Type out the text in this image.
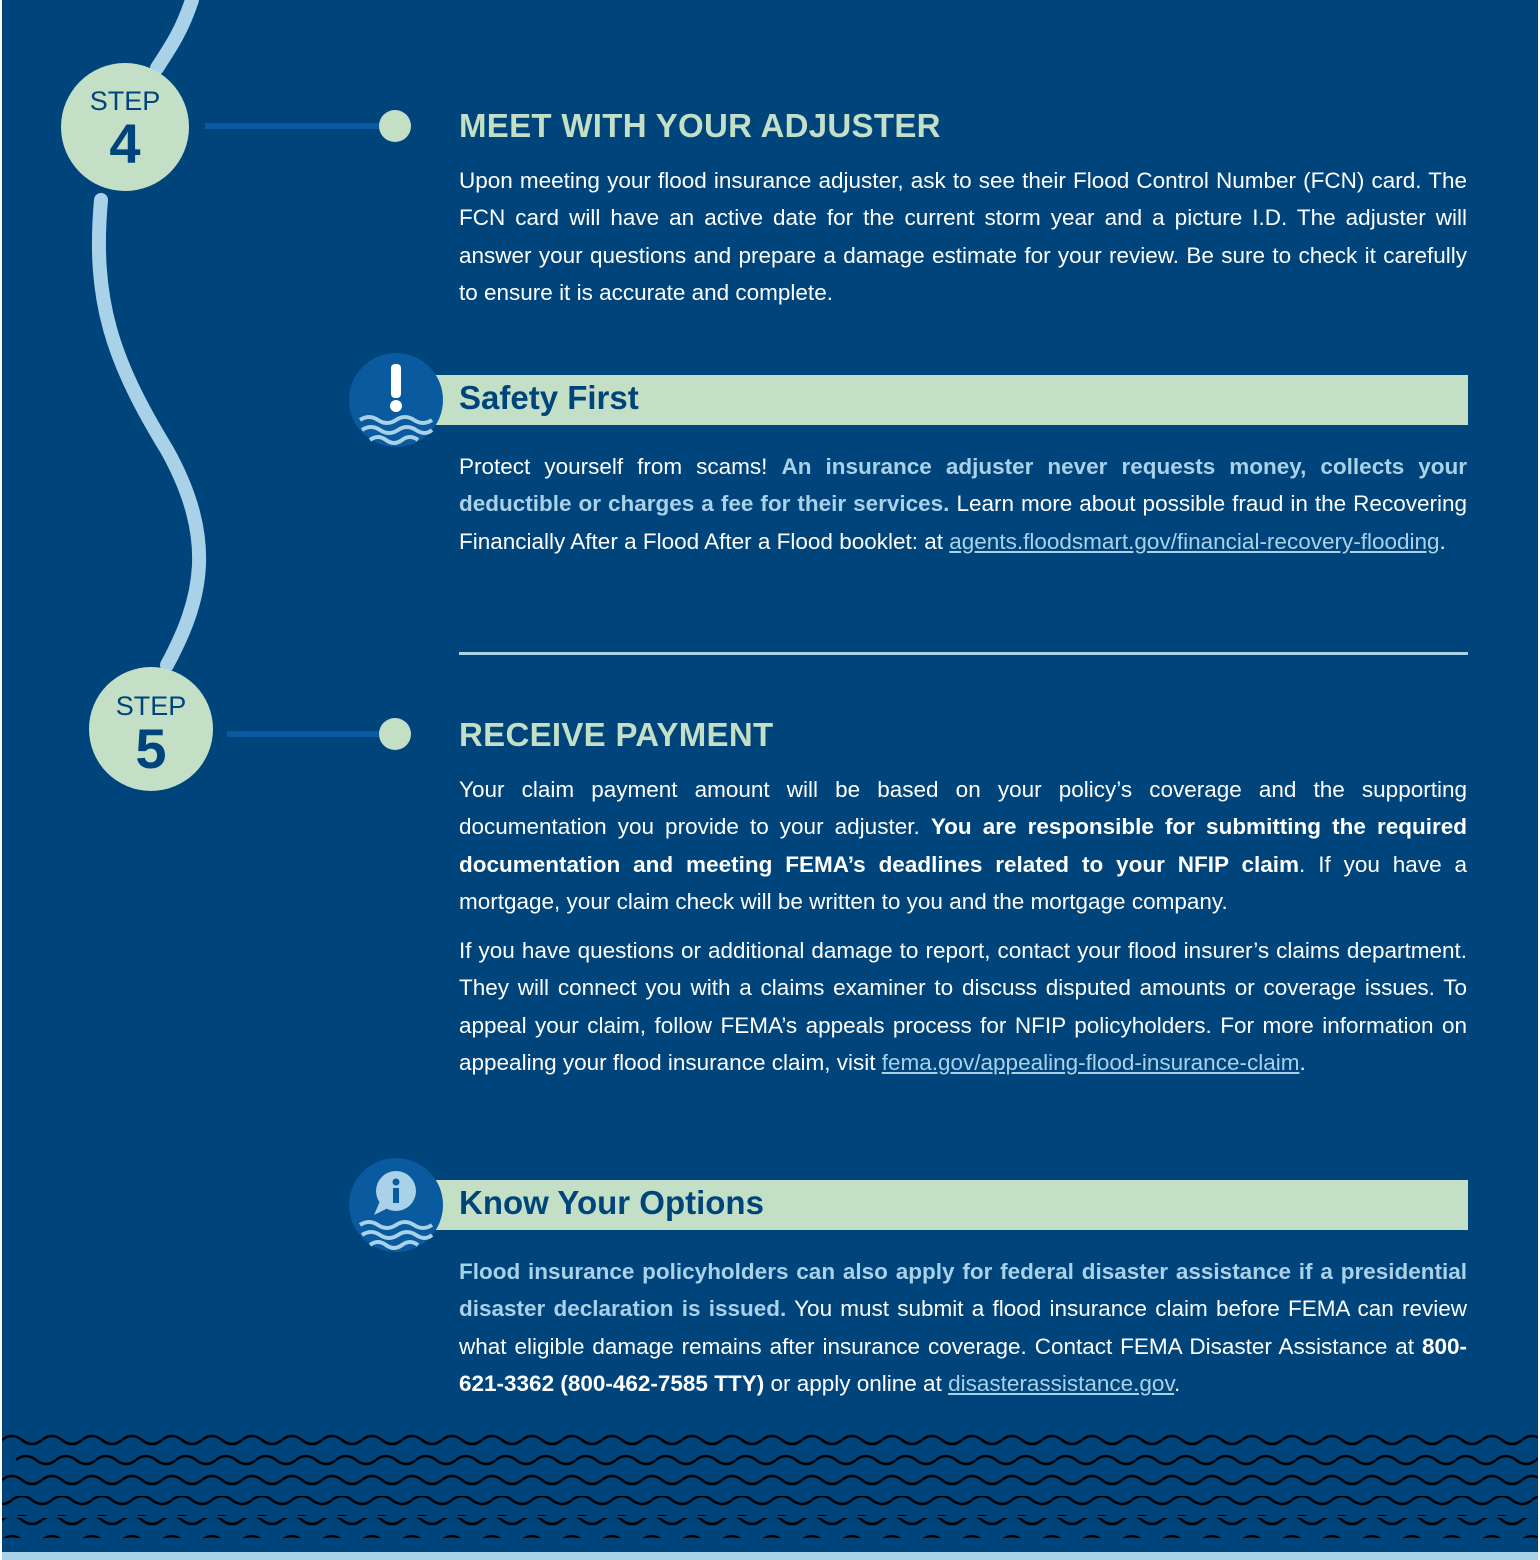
STEP
4	MEET WITH YOUR ADJUSTER

Upon meeting your flood insurance adjuster, ask to see their Flood Control Number (FCN) card. The FCN card will have an active date for the current storm year and a picture I.D. The adjuster will answer your questions and prepare a damage estimate for your review. Be sure to check it carefully to ensure it is accurate and complete.

Safety First

Protect yourself from scams! An insurance adjuster never requests money, collects your deductible or charges a fee for their services. Learn more about possible fraud in the Recovering Financially After a Flood After a Flood booklet: at agents.floodsmart.gov/financial-recovery-flooding.

STEP
5	RECEIVE PAYMENT

Your claim payment amount will be based on your policy’s coverage and the supporting documentation you provide to your adjuster. You are responsible for submitting the required documentation and meeting FEMA’s deadlines related to your NFIP claim. If you have a mortgage, your claim check will be written to you and the mortgage company.

If you have questions or additional damage to report, contact your flood insurer’s claims department. They will connect you with a claims examiner to discuss disputed amounts or coverage issues. To appeal your claim, follow FEMA’s appeals process for NFIP policyholders. For more information on appealing your flood insurance claim, visit fema.gov/appealing-flood-insurance-claim.

Know Your Options

Flood insurance policyholders can also apply for federal disaster assistance if a presidential disaster declaration is issued. You must submit a flood insurance claim before FEMA can review what eligible damage remains after insurance coverage. Contact FEMA Disaster Assistance at 800-621-3362 (800-462-7585 TTY) or apply online at disasterassistance.gov.
